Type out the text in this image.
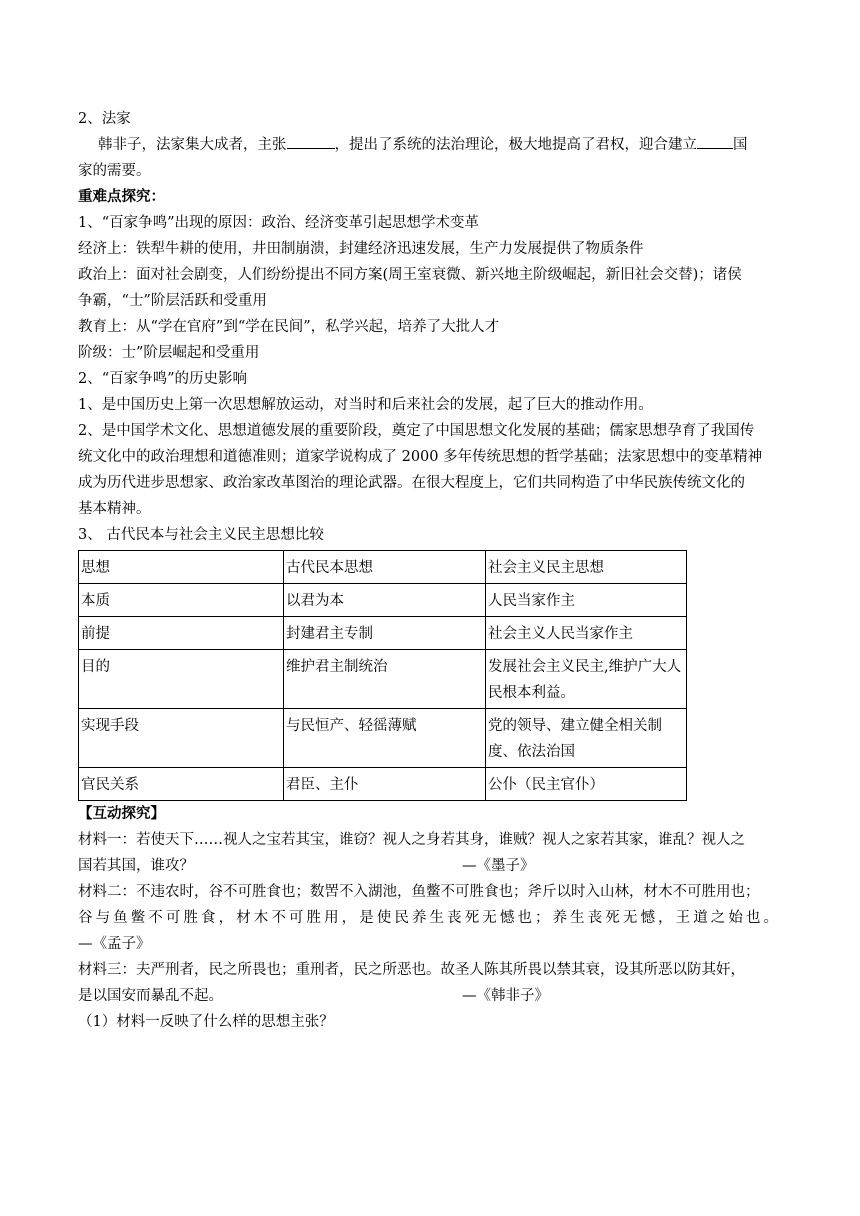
2、法家
韩非子，法家集大成者，主张	，提出了系统的法治理论，极大地提高了君权，迎合建立 国
家的需要。
重难点探究：
1、“百家争鸣”出现的原因：政治、经济变革引起思想学术变革
经济上：铁犁牛耕的使用，井田制崩溃，封建经济迅速发展，生产力发展提供了物质条件
政治上：面对社会剧变，人们纷纷提出不同方案(周王室衰微、新兴地主阶级崛起，新旧社会交替)；诸侯
争霸，“士”阶层活跃和受重用
教育上：从“学在官府”到“学在民间”，私学兴起，培养了大批人才
阶级：士”阶层崛起和受重用
2、“百家争鸣”的历史影响
1、是中国历史上第一次思想解放运动，对当时和后来社会的发展，起了巨大的推动作用。
2、是中国学术文化、思想道德发展的重要阶段，奠定了中国思想文化发展的基础；儒家思想孕育了我国传
统文化中的政治理想和道德准则；道家学说构成了 2000 多年传统思想的哲学基础；法家思想中的变革精神
成为历代进步思想家、政治家改革图治的理论武器。在很大程度上，它们共同构造了中华民族传统文化的
基本精神。
3、 古代民本与社会主义民主思想比较
思想	古代民本思想	社会主义民主思想
本质	以君为本	人民当家作主
前提	封建君主专制	社会主义人民当家作主
目的	维护君主制统治	发展社会主义民主,维护广大人民根本利益。
实现手段	与民恒产、轻徭薄赋	党的领导、建立健全相关制度、依法治国
官民关系	君臣、主仆	公仆（民主官仆）
【互动探究】
材料一：若使天下……视人之宝若其宝，谁窃？视人之身若其身，谁贼？视人之家若其家，谁乱？视人之
国若其国，谁攻？	—《墨子》
材料二：不违农时，谷不可胜食也；数罟不入湖池，鱼鳖不可胜食也；斧斤以时入山林，材木不可胜用也；
谷与鱼鳖不可胜食，材木不可胜用，是使民养生丧死无憾也；养生丧死无憾，王道之始也。
—《孟子》
材料三：夫严刑者，民之所畏也；重刑者，民之所恶也。故圣人陈其所畏以禁其衰，设其所恶以防其奸，
是以国安而暴乱不起。	—《韩非子》
（1）材料一反映了什么样的思想主张？
